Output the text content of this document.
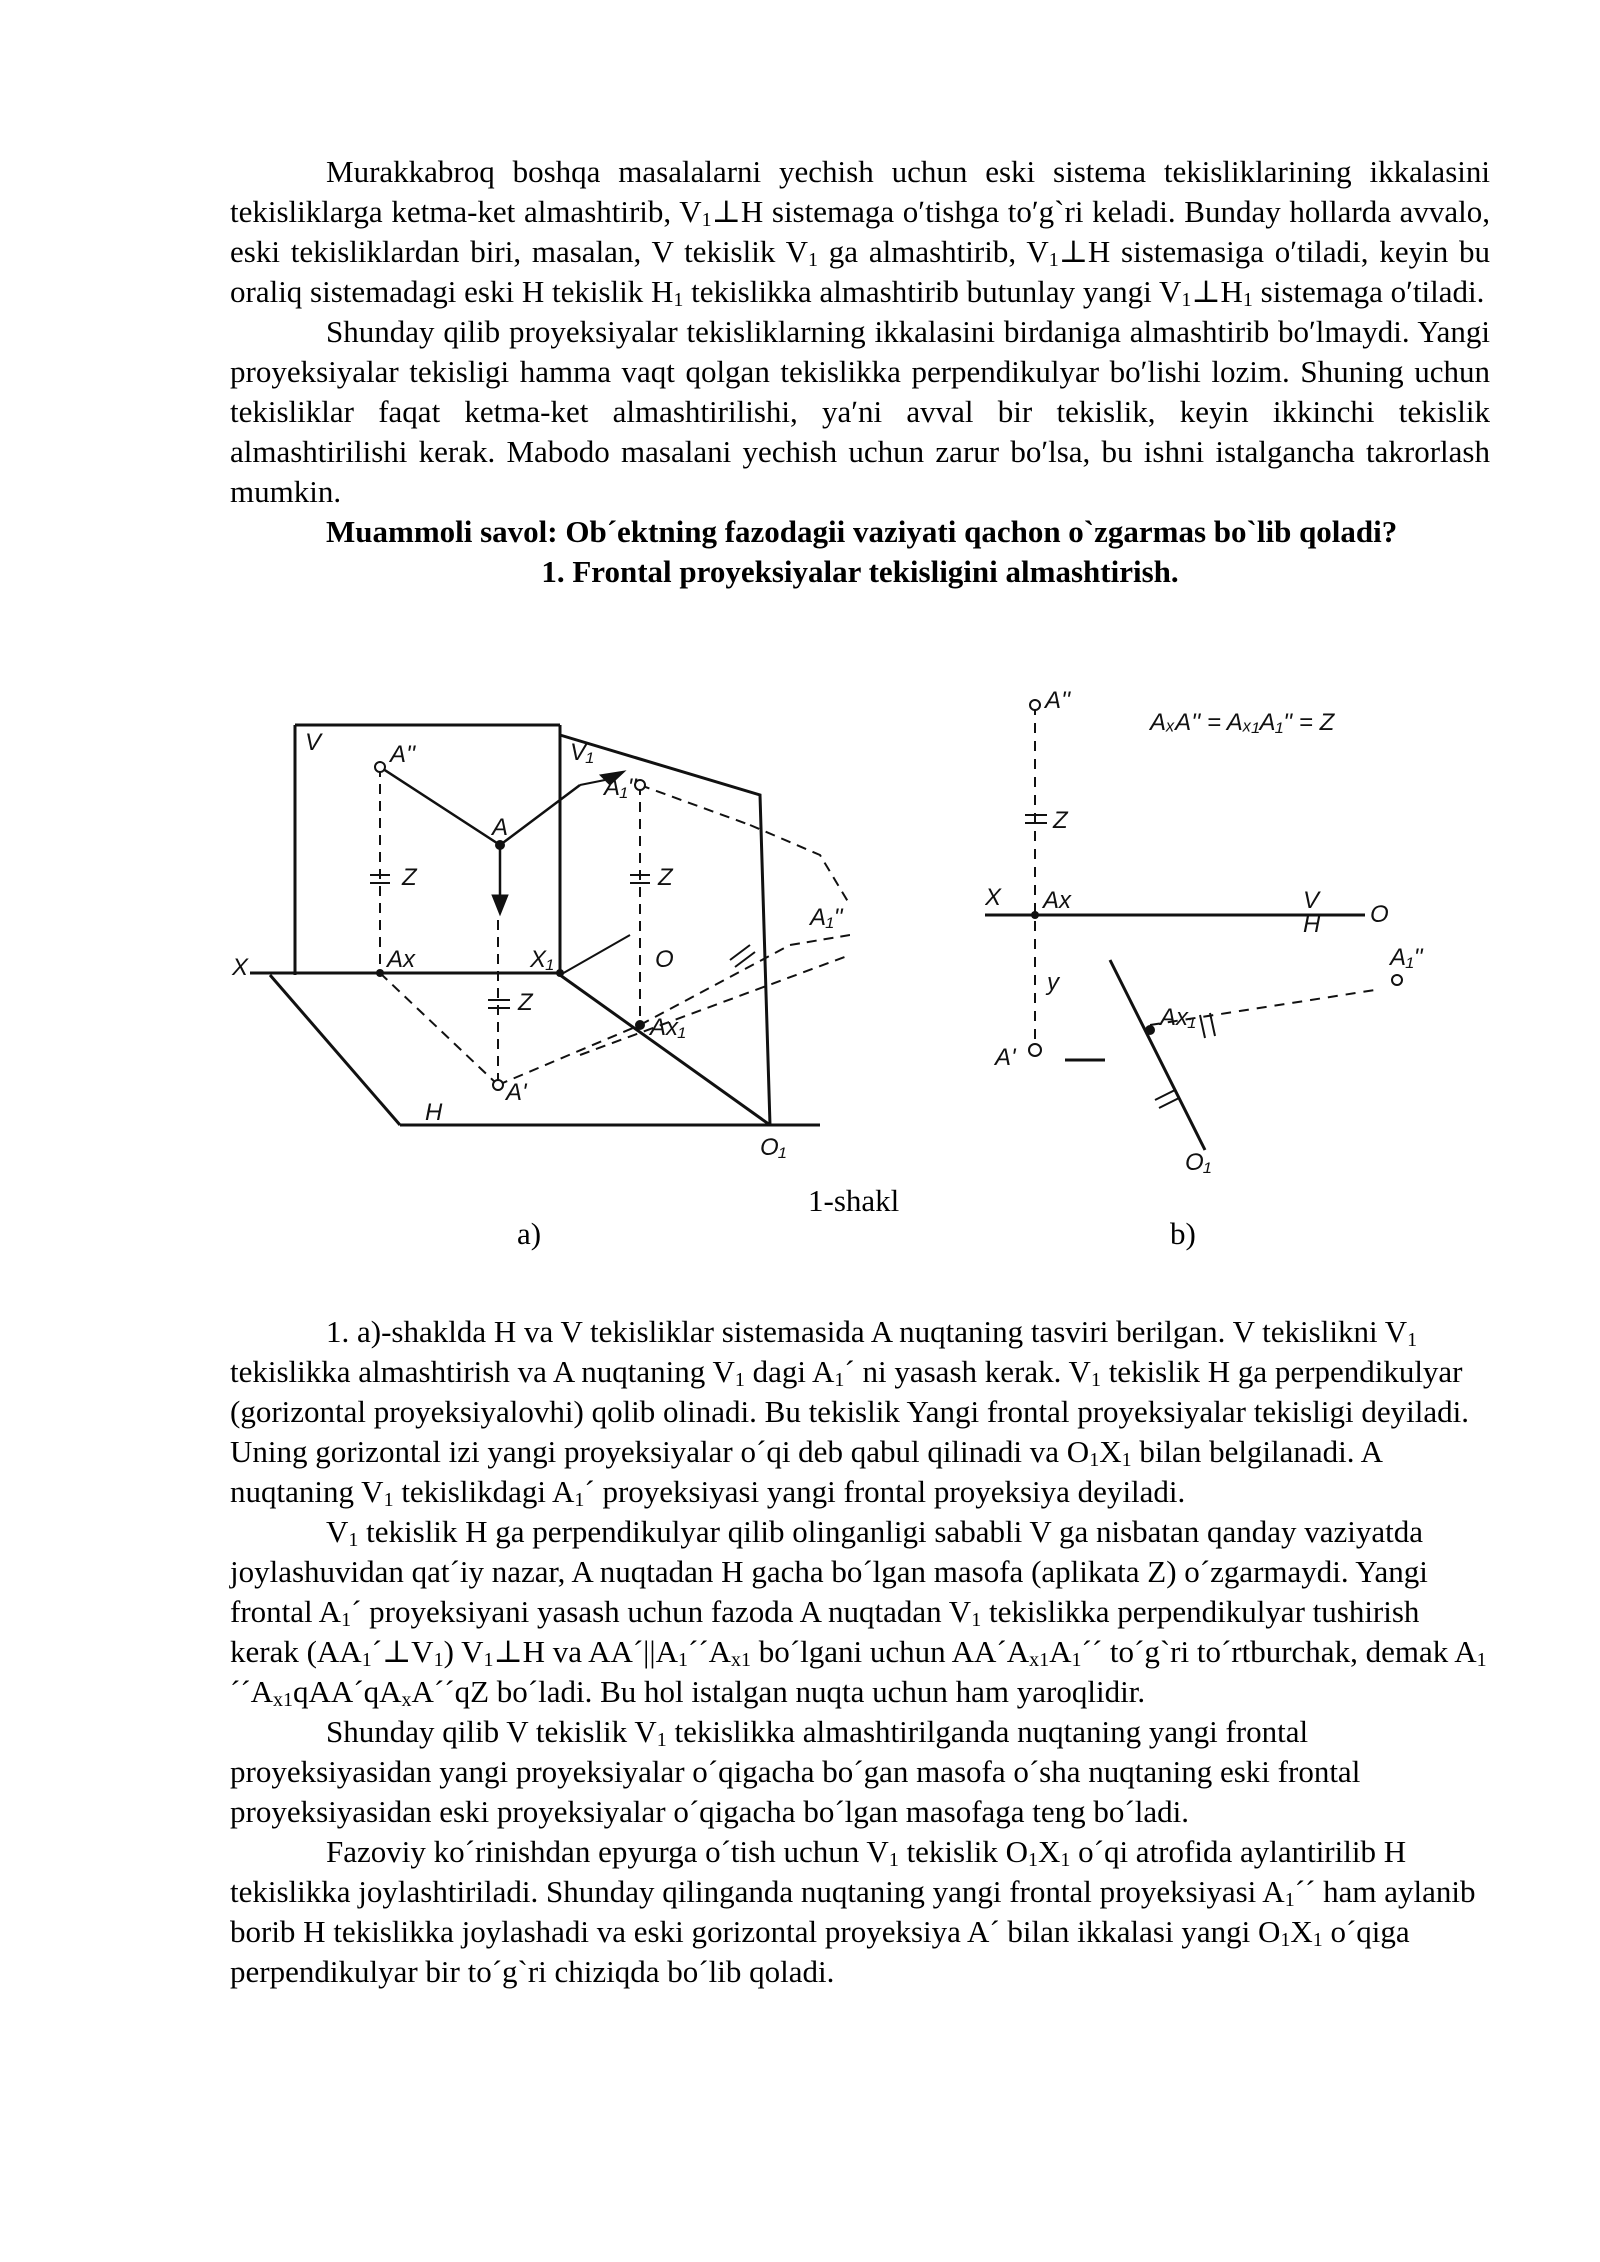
Murakkabroq boshqa masalalarni yechish uchun eski sistema tekisliklarining ikkalasini tekisliklarga ketma-ket almashtirib, $V_1\perp H$ sistemaga oʹtishga toʹg`ri keladi. Bunday hollarda avvalo, eski tekisliklardan biri, masalan, V tekislik $V_1$ ga almashtirib, $V_1\perp H$ sistemasiga oʹtiladi, keyin bu oraliq sistemadagi eski H tekislik $H_1$ tekislikka almashtirib butunlay yangi $V_1\perp H_1$ sistemaga oʹtiladi.

Shunday qilib proyeksiyalar tekisliklarning ikkalasini birdaniga almashtirib boʹlmaydi. Yangi proyeksiyalar tekisligi hamma vaqt qolgan tekislikka perpendikulyar boʹlishi lozim. Shuning uchun tekisliklar faqat ketma-ket almashtirilishi, yaʹni avval bir tekislik, keyin ikkinchi tekislik almashtirilishi kerak. Mabodo masalani yechish uchun zarur boʹlsa, bu ishni istalgancha takrorlash mumkin.

Muammoli savol: Ob´ektning fazodagii vaziyati qachon o`zgarmas bo`lib qoladi?

1. Frontal proyeksiyalar tekisligini almashtirish.

V	V₁
A''
A
A₁''
Z
Z
Z
X	Ax	X₁	O
Ax₁
H
A'
O₁
A₁''
A''
AₓA'' = Aₓ₁A₁'' = Z
Z
X Ax	V
H O
y
Ax₁
A₁''
A'
O₁
1-shakl
a)	b)

1. a)-shaklda H va V tekisliklar sistemasida A nuqtaning tasviri berilgan. V tekislikni $V_1$ tekislikka almashtirish va A nuqtaning $V_1$ dagi $A_1´$ ni yasash kerak. $V_1$ tekislik H ga perpendikulyar (gorizontal proyeksiyalovhi) qolib olinadi. Bu tekislik Yangi frontal proyeksiyalar tekisligi deyiladi. Uning gorizontal izi yangi proyeksiyalar o´qi deb qabul qilinadi va $O_1X_1$ bilan belgilanadi. A nuqtaning $V_1$ tekislikdagi $A_1´$ proyeksiyasi yangi frontal proyeksiya deyiladi.

$V_1$ tekislik H ga perpendikulyar qilib olinganligi sababli V ga nisbatan qanday vaziyatda joylashuvidan qat´iy nazar, A nuqtadan H gacha bo´lgan masofa (aplikata Z) o´zgarmaydi. Yangi frontal $A_1´$ proyeksiyani yasash uchun fazoda A nuqtadan $V_1$ tekislikka perpendikulyar tushirish kerak $(AA_1´\perp V_1)$ $V_1\perp H$ va $AA´||A_1´´A_{x1}$ bo´lgani uchun $AA´A_{x1}A_1´´$ to´g`ri to´rtburchak, demak $A_1´´A_{x1}qAA´qA_xA´´qZ$ bo´ladi. Bu hol istalgan nuqta uchun ham yaroqlidir.

Shunday qilib V tekislik $V_1$ tekislikka almashtirilganda nuqtaning yangi frontal proyeksiyasidan yangi proyeksiyalar o´qigacha bo´gan masofa o´sha nuqtaning eski frontal proyeksiyasidan eski proyeksiyalar o´qigacha bo´lgan masofaga teng bo´ladi.

Fazoviy ko´rinishdan epyurga o´tish uchun $V_1$ tekislik $O_1X_1$ o´qi atrofida aylantirilib H tekislikka joylashtiriladi. Shunday qilinganda nuqtaning yangi frontal proyeksiyasi $A_1´´$ ham aylanib borib H tekislikka joylashadi va eski gorizontal proyeksiya A´ bilan ikkalasi yangi $O_1X_1$ o´qiga perpendikulyar bir to´g`ri chiziqda bo´lib qoladi.
